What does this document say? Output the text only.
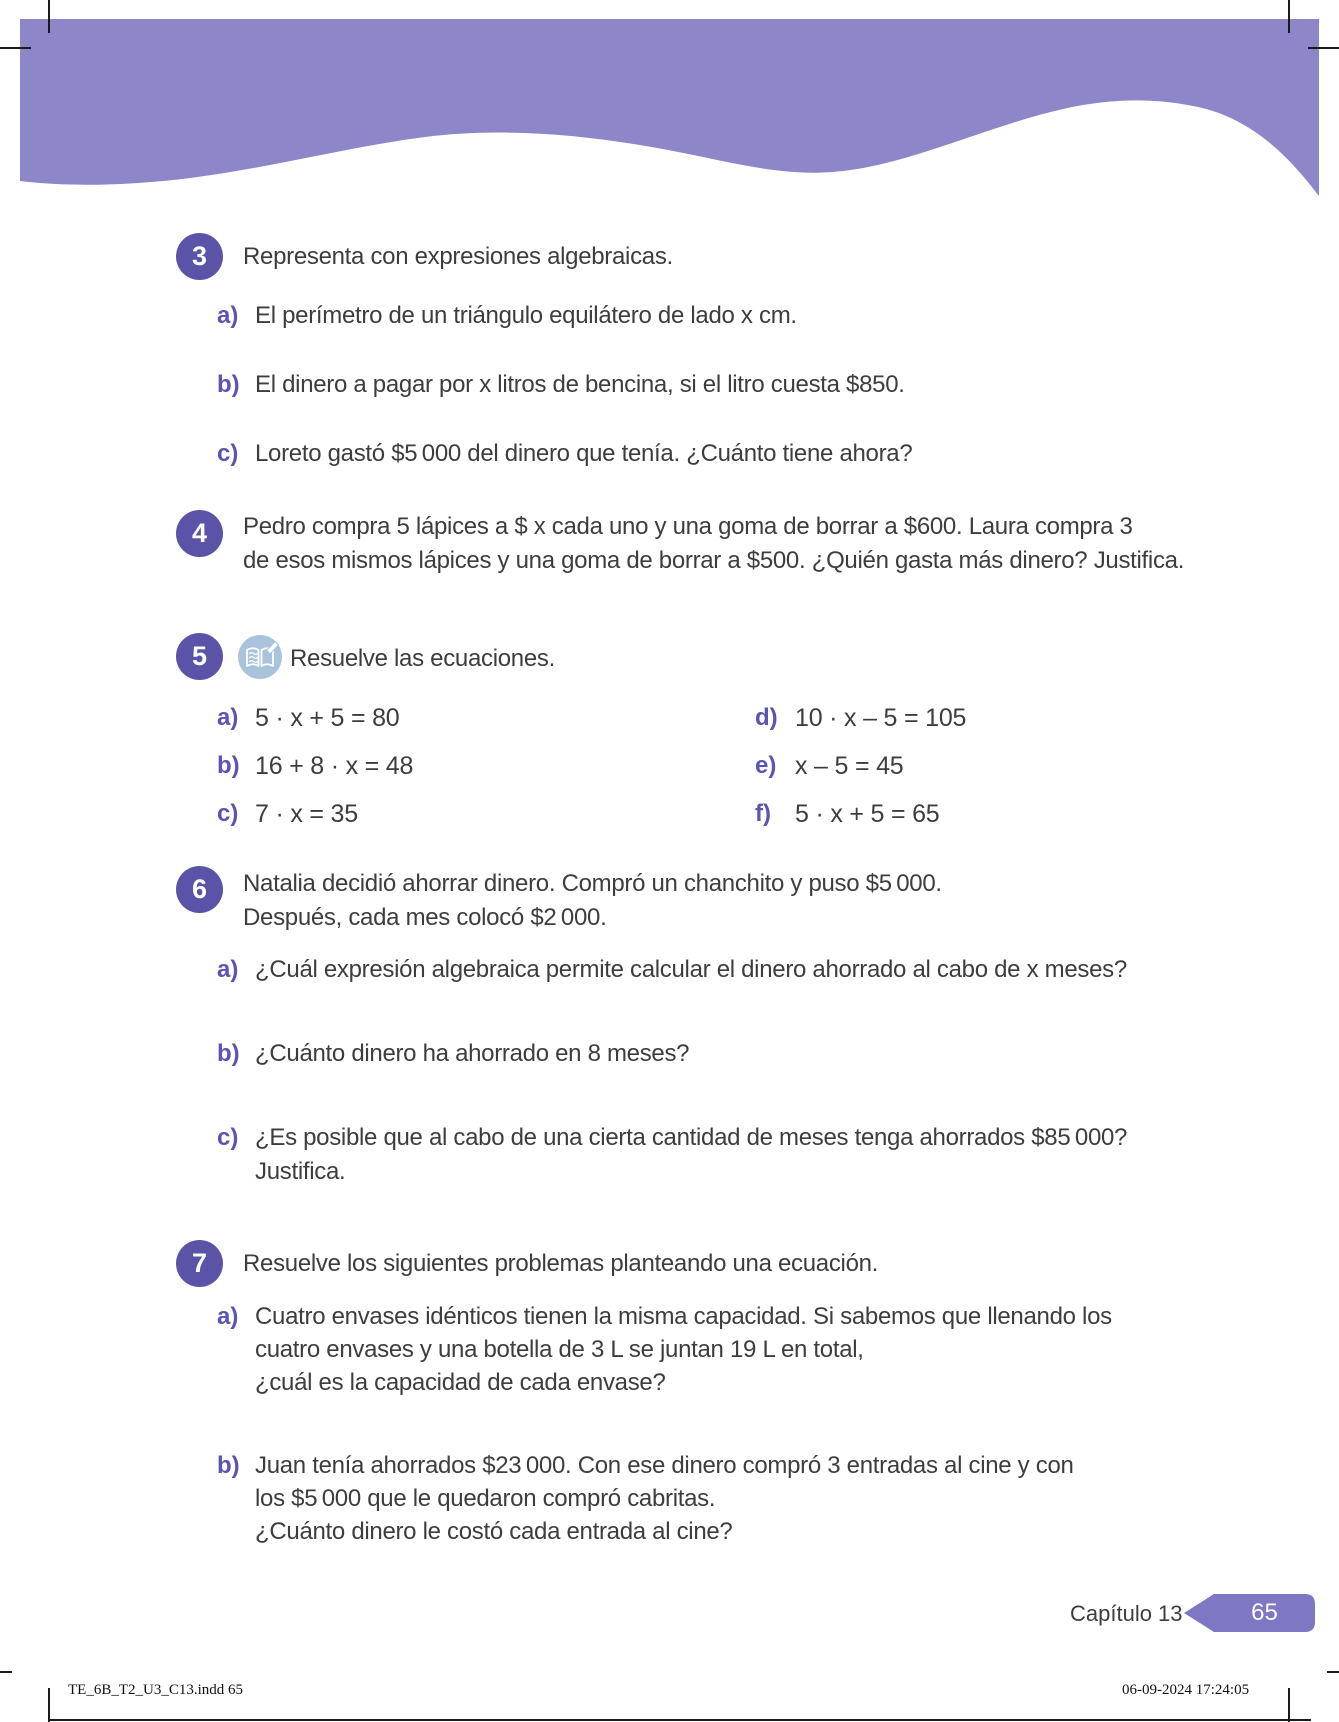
3 Representa con expresiones algebraicas.
a) El perímetro de un triángulo equilátero de lado x cm.
b) El dinero a pagar por x litros de bencina, si el litro cuesta $850.
c) Loreto gastó $5 000 del dinero que tenía. ¿Cuánto tiene ahora?
4 Pedro compra 5 lápices a $ x cada uno y una goma de borrar a $600. Laura compra 3
de esos mismos lápices y una goma de borrar a $500. ¿Quién gasta más dinero? Justifica.
5	Resuelve las ecuaciones.
a) 5 · x + 5 = 80
b) 16 + 8 · x = 48
c) 7 · x = 35
d) 10 · x – 5 = 105
e) x – 5 = 45
f) 5 · x + 5 = 65
6 Natalia decidió ahorrar dinero. Compró un chanchito y puso $5 000.
Después, cada mes colocó $2 000.
a) ¿Cuál expresión algebraica permite calcular el dinero ahorrado al cabo de x meses?
b) ¿Cuánto dinero ha ahorrado en 8 meses?
c) ¿Es posible que al cabo de una cierta cantidad de meses tenga ahorrados $85 000?
Justifica.
7 Resuelve los siguientes problemas planteando una ecuación.
a) Cuatro envases idénticos tienen la misma capacidad. Si sabemos que llenando los
cuatro envases y una botella de 3 L se juntan 19 L en total,
¿cuál es la capacidad de cada envase?
b) Juan tenía ahorrados $23 000. Con ese dinero compró 3 entradas al cine y con
los $5 000 que le quedaron compró cabritas.
¿Cuánto dinero le costó cada entrada al cine?
Capítulo 13	65
TE_6B_T2_U3_C13.indd 65	06-09-2024 17:24:05
